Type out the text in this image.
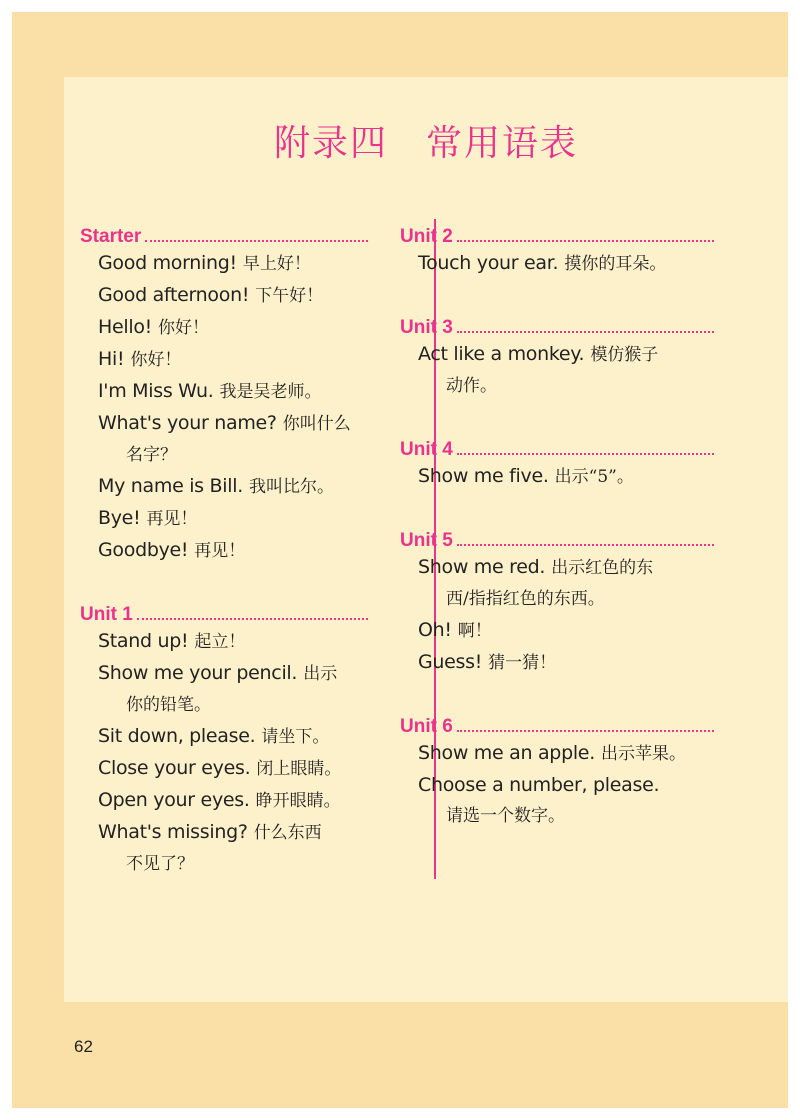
附录四　常用语表
Starter
Good morning! 早上好！
Good afternoon! 下午好！
Hello! 你好！
Hi! 你好！
I'm Miss Wu. 我是吴老师。
What's your name? 你叫什么
名字？
My name is Bill. 我叫比尔。
Bye! 再见！
Goodbye! 再见！
Unit 1
Stand up! 起立！
Show me your pencil. 出示
你的铅笔。
Sit down, please. 请坐下。
Close your eyes. 闭上眼睛。
Open your eyes. 睁开眼睛。
What's missing? 什么东西
不见了？
Unit 2
Touch your ear. 摸你的耳朵。
Unit 3
Act like a monkey. 模仿猴子
动作。
Unit 4
Show me five. 出示“5”。
Unit 5
Show me red. 出示红色的东
西/指指红色的东西。
Oh! 啊！
Guess! 猜一猜！
Unit 6
Show me an apple. 出示苹果。
Choose a number, please.
请选一个数字。
62
